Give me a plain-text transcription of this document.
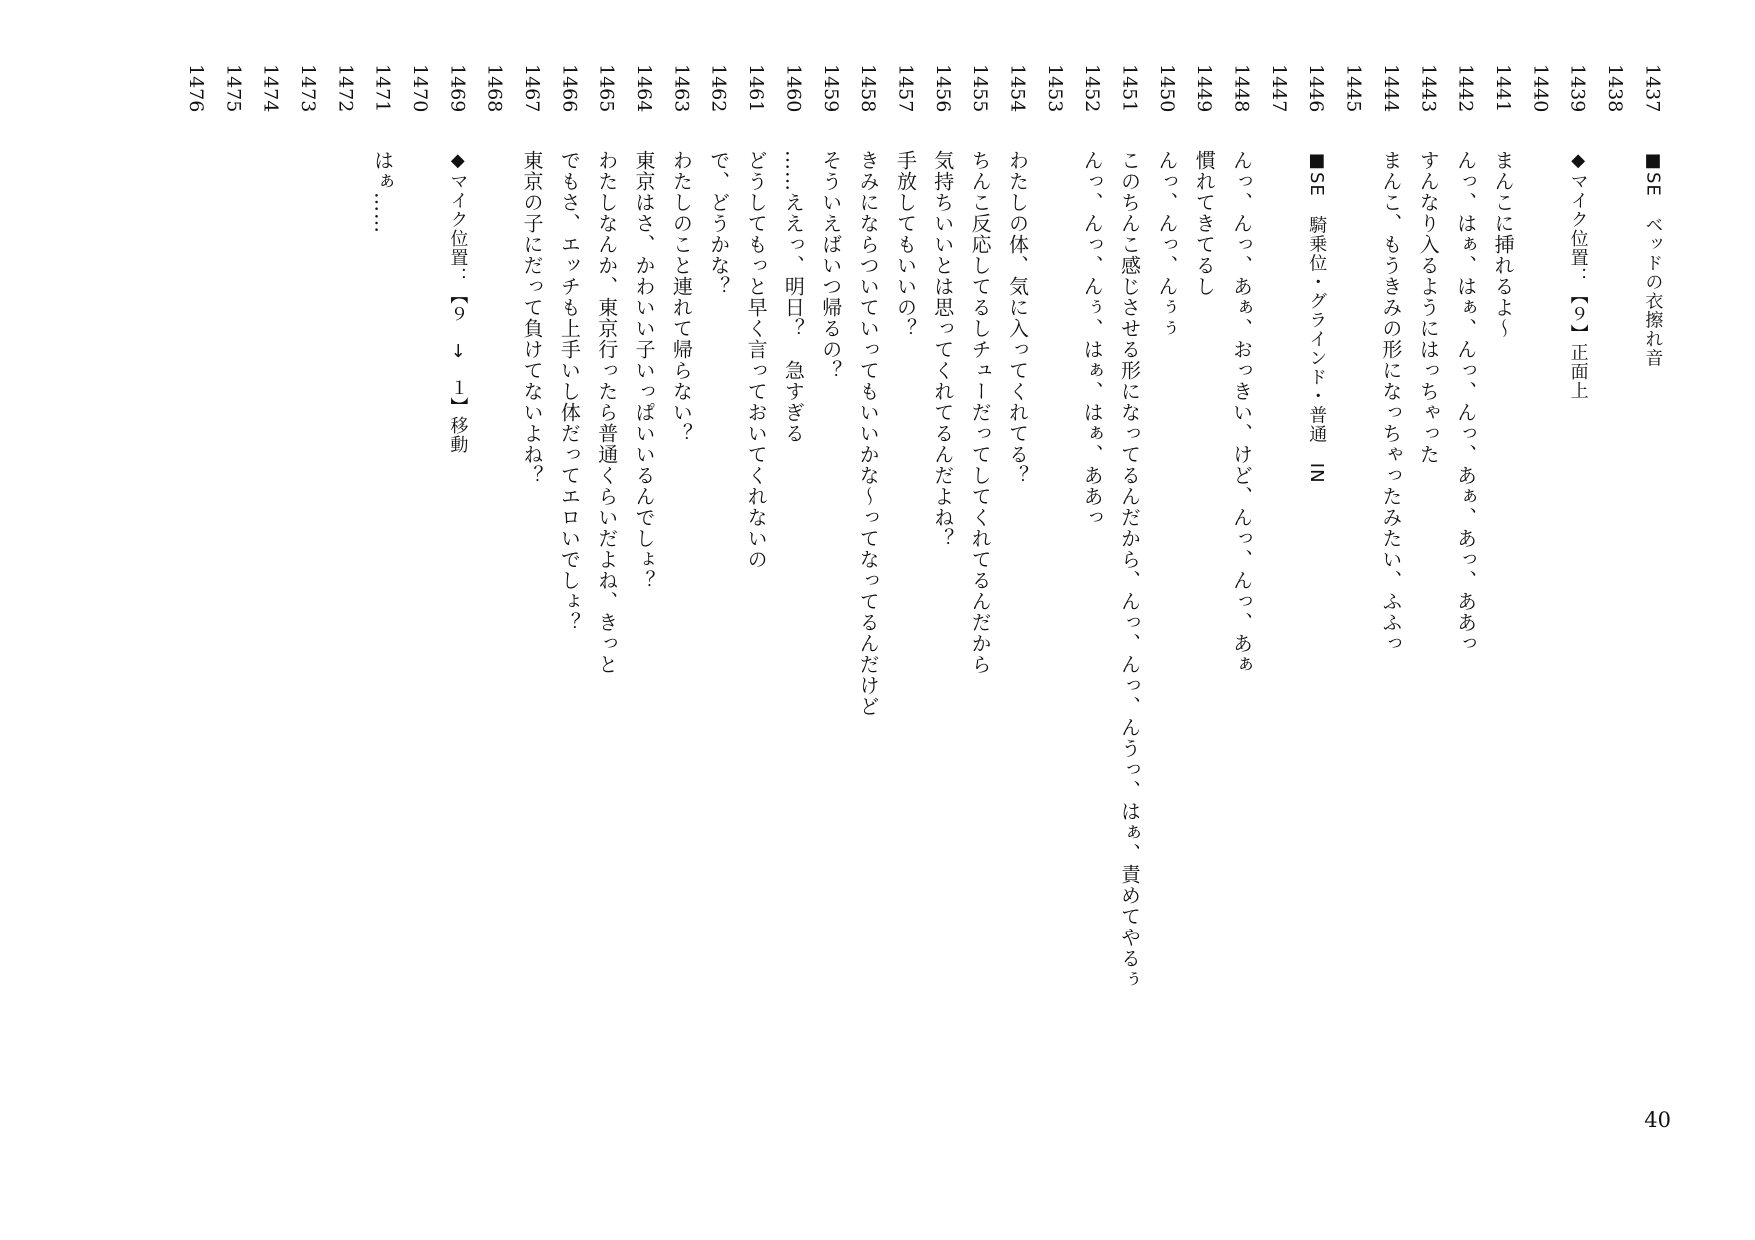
1437
■SE　ベッドの衣擦れ音
1438
1439
◆マイク位置：【９】正面上
1440
1441
まんこに挿れるよ～
1442
んっ、はぁ、はぁ、んっ、んっ、あぁ、あっ、ああっ
1443
すんなり入るようにはっちゃった
1444
まんこ、もうきみの形になっちゃったみたい、ふふっ
1445
1446
■SE　騎乗位・グラインド・普通　IN
1447
1448
んっ、んっ、あぁ、おっきい、けど、んっ、んっ、あぁ
1449
慣れてきてるし
1450
んっ、んっ、んぅぅ
1451
このちんこ感じさせる形になってるんだから、んっ、んっ、んうっ、はぁ、責めてやるぅ
1452
んっ、んっ、んぅ、はぁ、はぁ、ああっ
1453
1454
わたしの体、気に入ってくれてる？
1455
ちんこ反応してるしチューだってしてくれてるんだから
1456
気持ちいいとは思ってくれてるんだよね？
1457
手放してもいいの？
1458
きみにならついていってもいいかな～ってなってるんだけど
1459
そういえばいつ帰るの？
1460
……ええっ、明日？　急すぎる
1461
どうしてもっと早く言っておいてくれないの
1462
で、どうかな？
1463
わたしのこと連れて帰らない？
1464
東京はさ、かわいい子いっぱいいるんでしょ？
1465
わたしなんか、東京行ったら普通くらいだよね、きっと
1466
でもさ、エッチも上手いし体だってエロいでしょ？
1467
東京の子にだって負けてないよね？
1468
1469
◆マイク位置：【９　→　１】移動
1470
1471
はぁ……
1472
1473
1474
1475
1476
40
